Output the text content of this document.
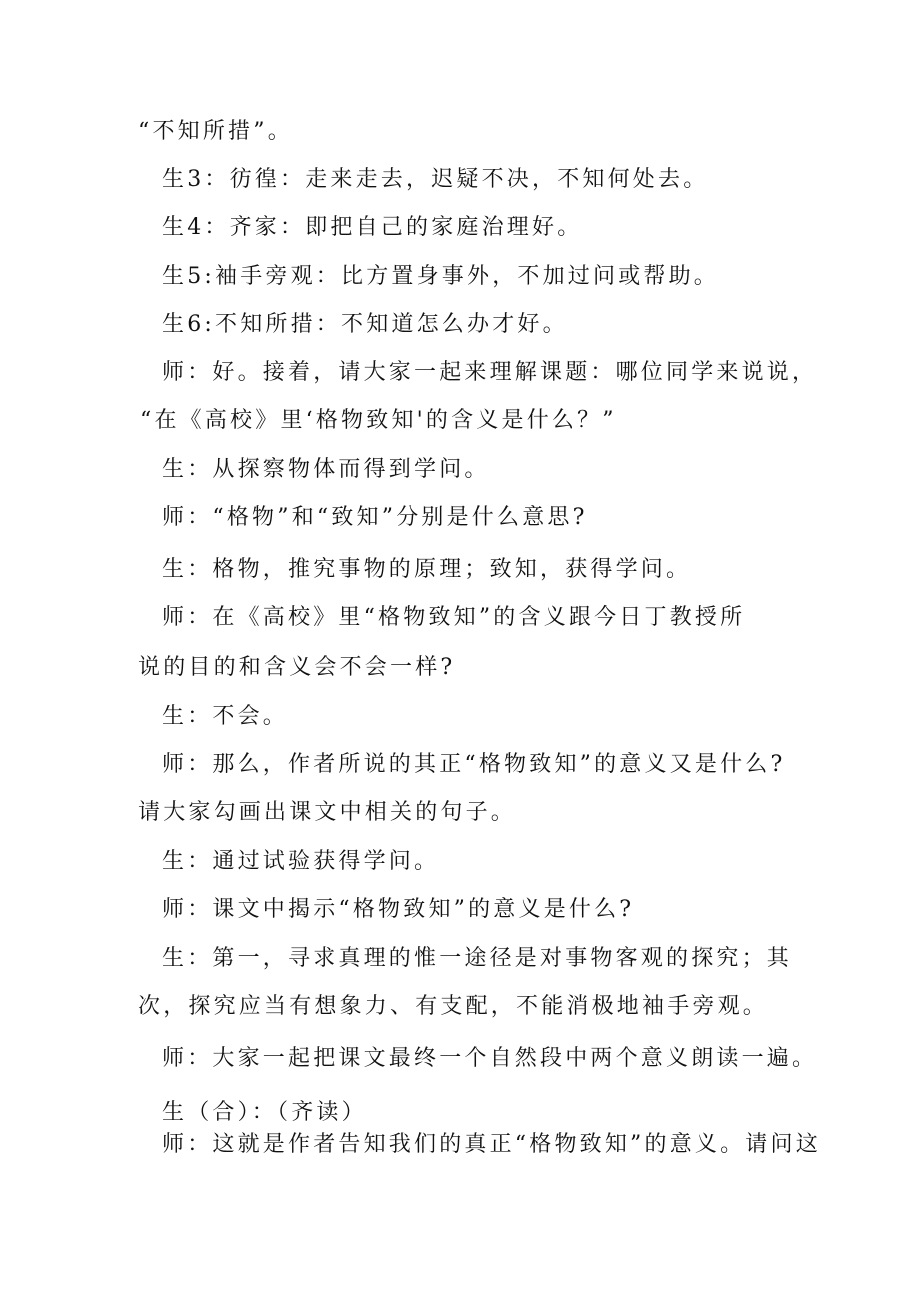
“不知所措”。
生3：彷徨：走来走去，迟疑不决，不知何处去。
生4：齐家：即把自己的家庭治理好。
生5:袖手旁观：比方置身事外，不加过问或帮助。
生6:不知所措：不知道怎么办才好。
师：好。接着，请大家一起来理解课题：哪位同学来说说，
“在《高校》里‘格物致知'的含义是什么？”
生：从探察物体而得到学问。
师：“格物”和“致知”分别是什么意思?
生：格物，推究事物的原理；致知，获得学问。
师：在《高校》里“格物致知”的含义跟今日丁教授所
说的目的和含义会不会一样?
生：不会。
师：那么，作者所说的其正“格物致知”的意义又是什么?
请大家勾画出课文中相关的句子。
生：通过试验获得学问。
师：课文中揭示“格物致知”的意义是什么?
生：第一，寻求真理的惟一途径是对事物客观的探究；其
次，探究应当有想象力、有支配，不能消极地袖手旁观。
师：大家一起把课文最终一个自然段中两个意义朗读一遍。
生（合）：（齐读）
师：这就是作者告知我们的真正“格物致知”的意义。请问这
